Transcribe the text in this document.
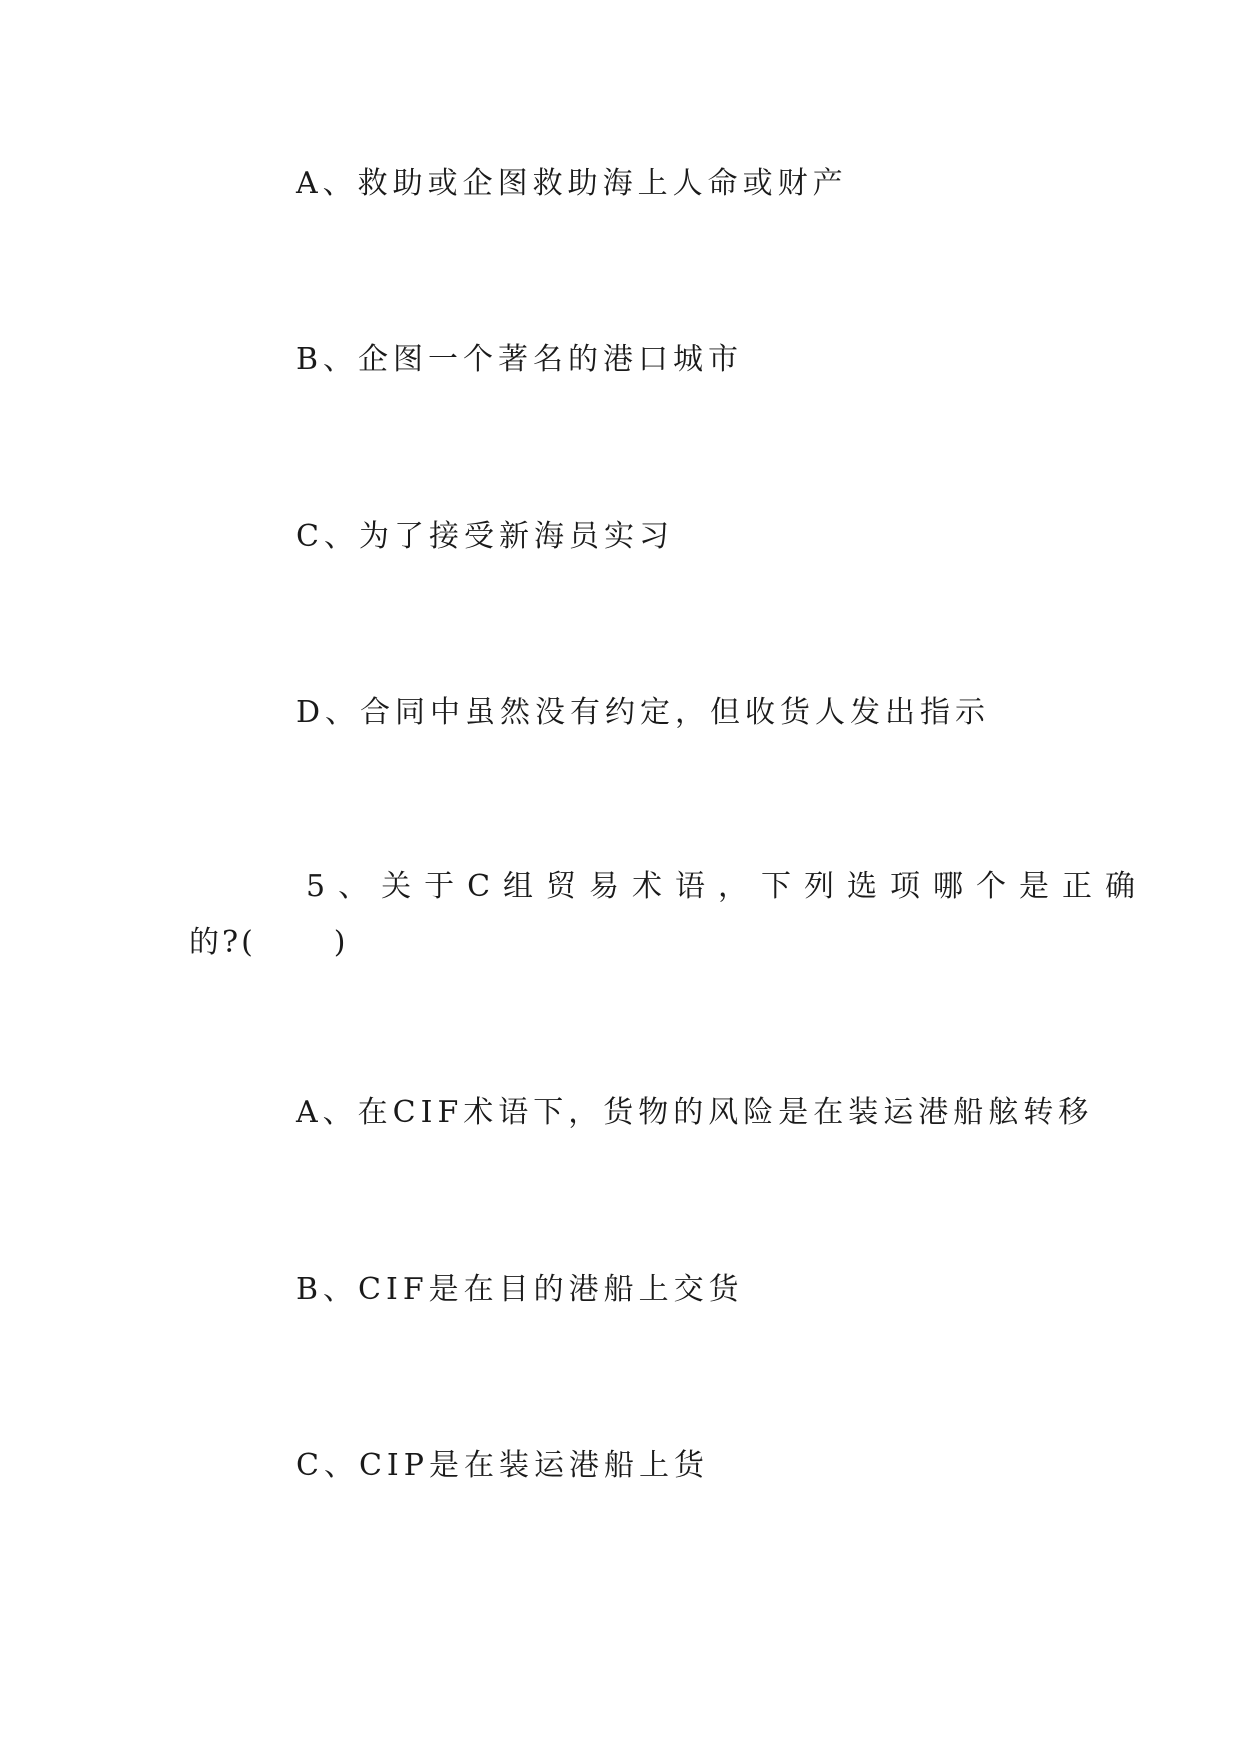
A、救助或企图救助海上人命或财产
B、企图一个著名的港口城市
C、为了接受新海员实习
D、合同中虽然没有约定，但收货人发出指示
5、关于C组贸易术语，下列选项哪个是正确
的?(	)
A、在CIF术语下，货物的风险是在装运港船舷转移
B、CIF是在目的港船上交货
C、CIP是在装运港船上货
